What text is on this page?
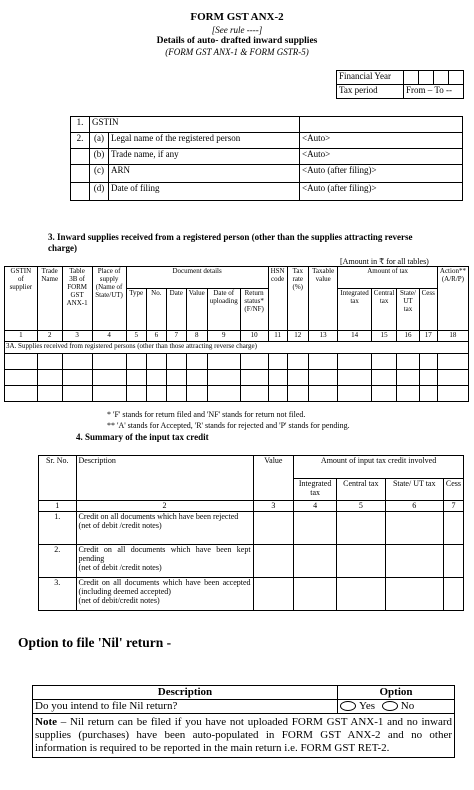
FORM GST ANX-2
[See rule ----]
Details of auto- drafted inward supplies
(FORM GST ANX-1 & FORM GSTR-5)
Financial Year				
Tax period	From – To --			
1.	GSTIN		
2.	(a)	Legal name of the registered person	<Auto>
	(b)	Trade name, if any	<Auto>
	(c)	ARN	<Auto (after filing)>
	(d)	Date of filing	<Auto (after filing)>
3. Inward supplies received from a registered person (other than the supplies attracting reverse charge)
[Amount in ₹ for all tables)
GSTIN of supplier	Trade Name	Table 3B of FORM GST ANX-1	Place of supply (Name of State/UT)	Document details						HSN code	Tax rate (%)	Taxable value	Amount of tax				Action** (A/R/P)
				Type	No.	Date	Value	Date of uploading	Return status* (F/NF)				Integrated tax	Central tax	State/ UT tax	Cess	
1	2	3	4	5	6	7	8	9	10	11	12	13	14	15	16	17	18
3A. Supplies received from registered persons (other than those attracting reverse charge)																	

* 'F' stands for return filed and 'NF' stands for return not filed.
** 'A' stands for Accepted, 'R' stands for rejected and 'P' stands for pending.
4. Summary of the input tax credit
Sr. No.	Description	Value	Amount of input tax credit involved			
			Integrated tax	Central tax	State/ UT tax	Cess
1	2	3	4	5	6	7
1.	Credit on all documents which have been rejected
(net of debit /credit notes)					
2.	Credit on all documents which have been kept pending
(net of debit /credit notes)					
3.	Credit on all documents which have been accepted (including deemed accepted)
(net of debit/credit notes)					
Option to file 'Nil' return -
Description	Option
Do you intend to file Nil return?	Yes No
Note – Nil return can be filed if you have not uploaded FORM GST ANX-1 and no inward supplies (purchases) have been auto-populated in FORM GST ANX-2 and no other information is required to be reported in the main return i.e. FORM GST RET-2.	
